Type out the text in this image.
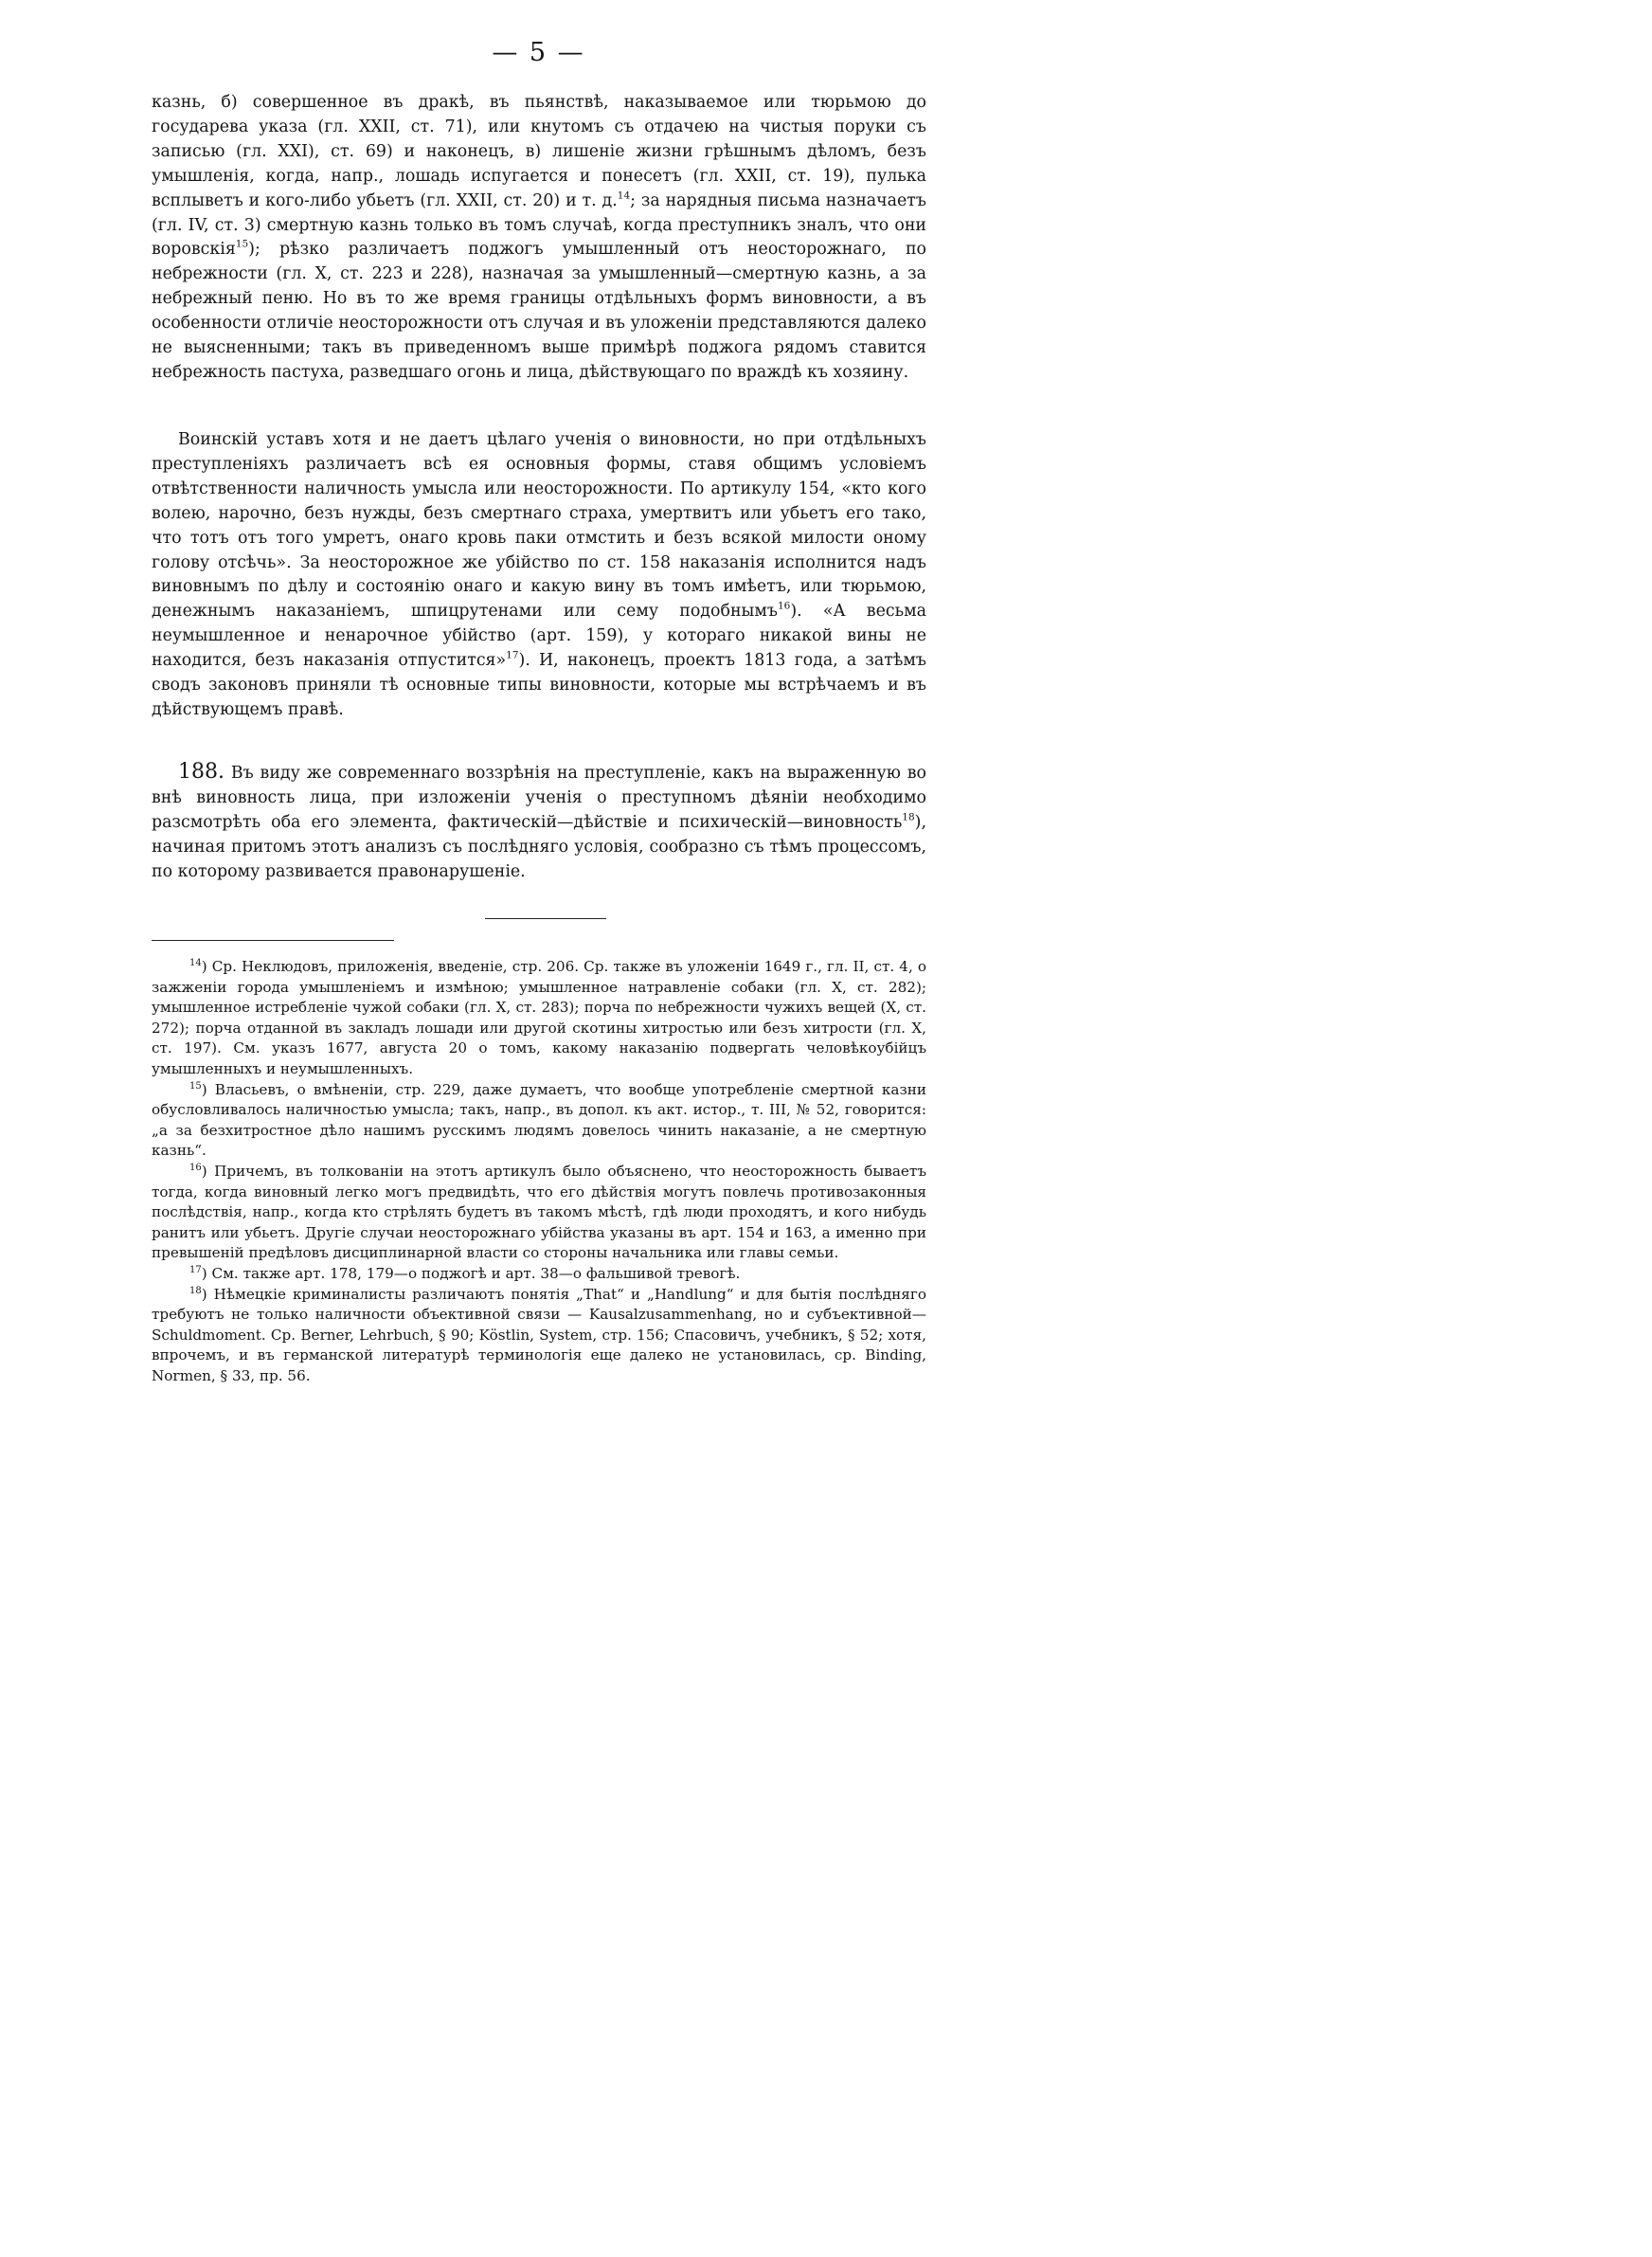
— 5 —

казнь, б) совершенное въ дракѣ, въ пьянствѣ, наказываемое или тюрьмою до государева указа (гл. XXII, ст. 71), или кнутомъ съ отдачею на чистыя поруки съ записью (гл. XXI), ст. 69) и наконецъ, в) лишеніе жизни грѣшнымъ дѣломъ, безъ умышленія, когда, напр., лошадь испугается и понесетъ (гл. XXII, ст. 19), пулька всплыветъ и кого-либо убьетъ (гл. XXII, ст. 20) и т. д.$^{14}$; за нарядныя письма назначаетъ (гл. IV, ст. 3) смертную казнь только въ томъ случаѣ, когда преступникъ зналъ, что они воровскія$^{15}$); рѣзко различаетъ поджогъ умышленный отъ неосторожнаго, по небрежности (гл. X, ст. 223 и 228), назначая за умышленный—смертную казнь, а за небрежный пеню. Но въ то же время границы отдѣльныхъ формъ виновности, а въ особенности отличіе неосторожности отъ случая и въ уложеніи представляются далеко не выясненными; такъ въ приведенномъ выше примѣрѣ поджога рядомъ ставится небрежность пастуха, разведшаго огонь и лица, дѣйствующаго по враждѣ къ хозяину.

Воинскій уставъ хотя и не даетъ цѣлаго ученія о виновности, но при отдѣльныхъ преступленіяхъ различаетъ всѣ ея основныя формы, ставя общимъ условіемъ отвѣтственности наличность умысла или неосторожности. По артикулу 154, «кто кого волею, нарочно, безъ нужды, безъ смертнаго страха, умертвитъ или убьетъ его тако, что тотъ отъ того умретъ, онаго кровь паки отмстить и безъ всякой милости оному голову отсѣчь». За неосторожное же убійство по ст. 158 наказанія исполнится надъ виновнымъ по дѣлу и состоянію онаго и какую вину въ томъ имѣетъ, или тюрьмою, денежнымъ наказаніемъ, шпицрутенами или сему подобнымъ$^{16}$). «А весьма неумышленное и ненарочное убійство (арт. 159), у котораго никакой вины не находится, безъ наказанія отпустится»$^{17}$). И, наконецъ, проектъ 1813 года, а затѣмъ сводъ законовъ приняли тѣ основные типы виновности, которые мы встрѣчаемъ и въ дѣйствующемъ правѣ.

188. Въ виду же современнаго воззрѣнія на преступленіе, какъ на выраженную во внѣ виновность лица, при изложеніи ученія о преступномъ дѣяніи необходимо разсмотрѣть оба его элемента, фактическій—дѣйствіе и психическій—виновность$^{18}$), начиная притомъ этотъ анализъ съ послѣдняго условія, сообразно съ тѣмъ процессомъ, по которому развивается правонарушеніе.

$^{14}$) Ср. Неклюдовъ, приложенія, введеніе, стр. 206. Ср. также въ уложеніи 1649 г., гл. II, ст. 4, о зажженіи города умышленіемъ и измѣною; умышленное натравленіе собаки (гл. X, ст. 282); умышленное истребленіе чужой собаки (гл. X, ст. 283); порча по небрежности чужихъ вещей (X, ст. 272); порча отданной въ закладъ лошади или другой скотины хитростью или безъ хитрости (гл. X, ст. 197). См. указъ 1677, августа 20 о томъ, какому наказанію подвергать человѣкоубійцъ умышленныхъ и неумышленныхъ.

$^{15}$) Власьевъ, о вмѣненіи, стр. 229, даже думаетъ, что вообще употребленіе смертной казни обусловливалось наличностью умысла; такъ, напр., въ допол. къ акт. истор., т. III, № 52, говорится: „а за безхитростное дѣло нашимъ русскимъ людямъ довелось чинить наказаніе, а не смертную казнь“.

$^{16}$) Причемъ, въ толкованіи на этотъ артикулъ было объяснено, что неосторожность бываетъ тогда, когда виновный легко могъ предвидѣть, что его дѣйствія могутъ повлечь противозаконныя послѣдствія, напр., когда кто стрѣлять будетъ въ такомъ мѣстѣ, гдѣ люди проходятъ, и кого нибудь ранитъ или убьетъ. Другіе случаи неосторожнаго убійства указаны въ арт. 154 и 163, а именно при превышеній предѣловъ дисциплинарной власти со стороны начальника или главы семьи.

$^{17}$) См. также арт. 178, 179—о поджогѣ и арт. 38—о фальшивой тревогѣ.

$^{18}$) Нѣмецкіе криминалисты различаютъ понятія „That“ и „Handlung“ и для бытія послѣдняго требуютъ не только наличности объективной связи — Kausalzusammenhang, но и субъективной—Schuldmoment. Ср. Berner, Lehrbuch, § 90; Köstlin, System, стр. 156; Спасовичъ, учебникъ, § 52; хотя, впрочемъ, и въ германской литературѣ терминологія еще далеко не установилась, ср. Binding, Normen, § 33, пр. 56.
